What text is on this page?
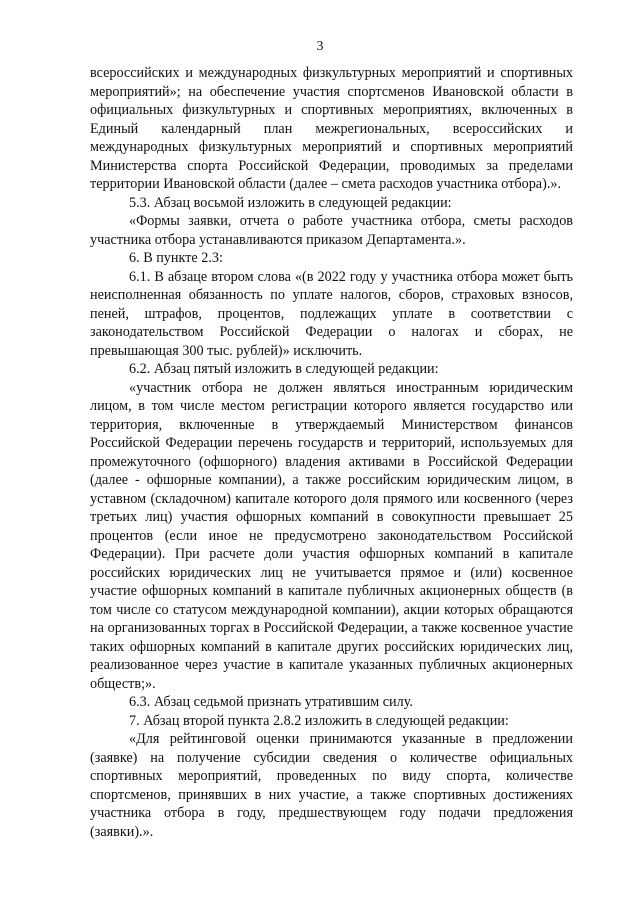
3

всероссийских и международных физкультурных мероприятий и спортивных мероприятий»; на обеспечение участия спортсменов Ивановской области в официальных физкультурных и спортивных мероприятиях, включенных в Единый календарный план межрегиональных, всероссийских и международных физкультурных мероприятий и спортивных мероприятий Министерства спорта Российской Федерации, проводимых за пределами территории Ивановской области (далее – смета расходов участника отбора).».

5.3. Абзац восьмой изложить в следующей редакции:

«Формы заявки, отчета о работе участника отбора, сметы расходов участника отбора устанавливаются приказом Департамента.».

6. В пункте 2.3:

6.1. В абзаце втором слова «(в 2022 году у участника отбора может быть неисполненная обязанность по уплате налогов, сборов, страховых взносов, пеней, штрафов, процентов, подлежащих уплате в соответствии с законодательством Российской Федерации о налогах и сборах, не превышающая 300 тыс. рублей)» исключить.

6.2. Абзац пятый изложить в следующей редакции:

«участник отбора не должен являться иностранным юридическим лицом, в том числе местом регистрации которого является государство или территория, включенные в утверждаемый Министерством финансов Российской Федерации перечень государств и территорий, используемых для промежуточного (офшорного) владения активами в Российской Федерации (далее - офшорные компании), а также российским юридическим лицом, в уставном (складочном) капитале которого доля прямого или косвенного (через третьих лиц) участия офшорных компаний в совокупности превышает 25 процентов (если иное не предусмотрено законодательством Российской Федерации). При расчете доли участия офшорных компаний в капитале российских юридических лиц не учитывается прямое и (или) косвенное участие офшорных компаний в капитале публичных акционерных обществ (в том числе со статусом международной компании), акции которых обращаются на организованных торгах в Российской Федерации, а также косвенное участие таких офшорных компаний в капитале других российских юридических лиц, реализованное через участие в капитале указанных публичных акционерных обществ;».

6.3. Абзац седьмой признать утратившим силу.

7. Абзац второй пункта 2.8.2 изложить в следующей редакции:

«Для рейтинговой оценки принимаются указанные в предложении (заявке) на получение субсидии сведения о количестве официальных спортивных мероприятий, проведенных по виду спорта, количестве спортсменов, принявших в них участие, а также спортивных достижениях участника отбора в году, предшествующем году подачи предложения (заявки).».
